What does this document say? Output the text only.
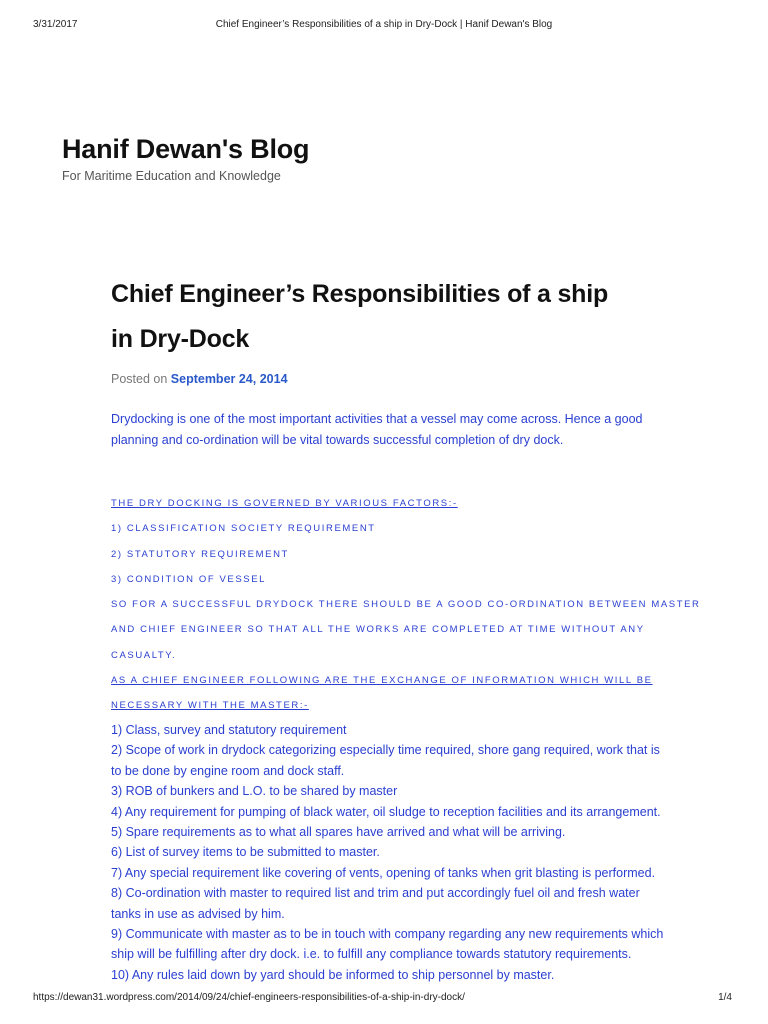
3/31/2017	Chief Engineer’s Responsibilities of a ship in Dry-Dock | Hanif Dewan's Blog
Hanif Dewan's Blog

For Maritime Education and Knowledge

Chief Engineer’s Responsibilities of a ship
in Dry-Dock
Posted on September 24, 2014

Drydocking is one of the most important activities that a vessel may come across. Hence a good
planning and co-ordination will be vital towards successful completion of dry dock.

THE DRY DOCKING IS GOVERNED BY VARIOUS FACTORS:-
1) CLASSIFICATION SOCIETY REQUIREMENT
2) STATUTORY REQUIREMENT
3) CONDITION OF VESSEL
SO FOR A SUCCESSFUL DRYDOCK THERE SHOULD BE A GOOD CO-ORDINATION BETWEEN MASTER
AND CHIEF ENGINEER SO THAT ALL THE WORKS ARE COMPLETED AT TIME WITHOUT ANY
CASUALTY.
AS A CHIEF ENGINEER FOLLOWING ARE THE EXCHANGE OF INFORMATION WHICH WILL BE
NECESSARY WITH THE MASTER:-
1) Class, survey and statutory requirement
2) Scope of work in drydock categorizing especially time required, shore gang required, work that is to be done by engine room and dock staff.
3) ROB of bunkers and L.O. to be shared by master
4) Any requirement for pumping of black water, oil sludge to reception facilities and its arrangement.
5) Spare requirements as to what all spares have arrived and what will be arriving.
6) List of survey items to be submitted to master.
7) Any special requirement like covering of vents, opening of tanks when grit blasting is performed.
8) Co-ordination with master to required list and trim and put accordingly fuel oil and fresh water tanks in use as advised by him.
9) Communicate with master as to be in touch with company regarding any new requirements which ship will be fulfilling after dry dock. i.e. to fulfill any compliance towards statutory requirements.
10) Any rules laid down by yard should be informed to ship personnel by master.
https://dewan31.wordpress.com/2014/09/24/chief-engineers-responsibilities-of-a-ship-in-dry-dock/	1/4
